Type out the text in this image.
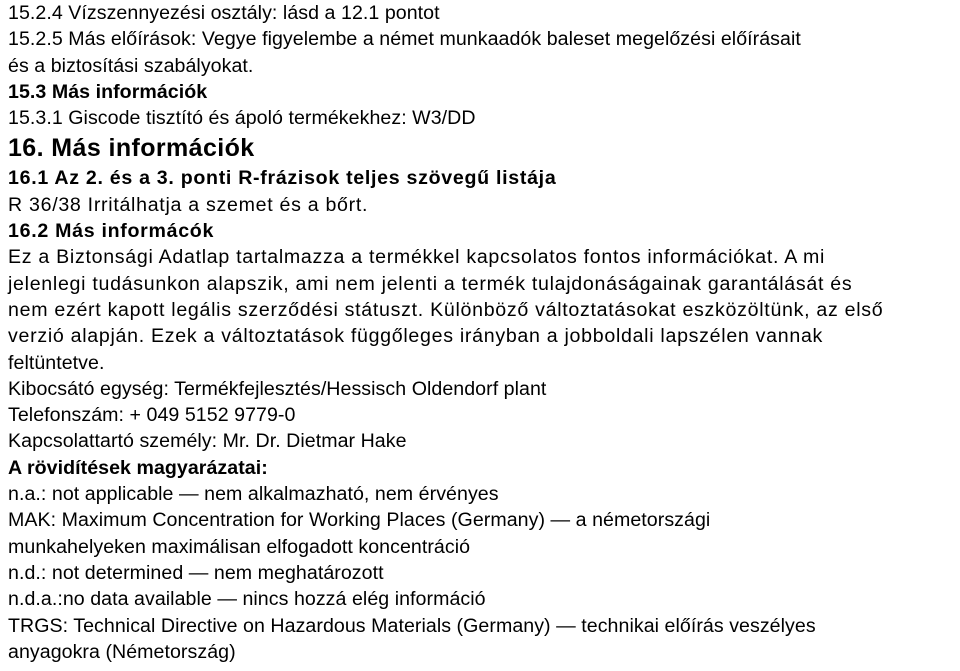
15.2.4 Vízszennyezési osztály: lásd a 12.1 pontot
15.2.5 Más előírások: Vegye figyelembe a német munkaadók baleset megelőzési előírásait
és a biztosítási szabályokat.
15.3 Más információk
15.3.1 Giscode tisztító és ápoló termékekhez: W3/DD
16. Más információk
16.1 Az 2. és a 3. ponti R-frázisok teljes szövegű listája
R 36/38 Irritálhatja a szemet és a bőrt.
16.2 Más informácók
Ez a Biztonsági Adatlap tartalmazza a termékkel kapcsolatos fontos információkat. A mi
jelenlegi tudásunkon alapszik, ami nem jelenti a termék tulajdonáságainak garantálását és
nem ezért kapott legális szerződési státuszt. Különböző változtatásokat eszközöltünk, az első
verzió alapján. Ezek a változtatások függőleges irányban a jobboldali lapszélen vannak
feltüntetve.
Kibocsátó egység: Termékfejlesztés/Hessisch Oldendorf plant
Telefonszám: + 049 5152 9779-0
Kapcsolattartó személy: Mr. Dr. Dietmar Hake
A rövidítések magyarázatai:
n.a.: not applicable — nem alkalmazható, nem érvényes
MAK: Maximum Concentration for Working Places (Germany) — a németországi
munkahelyeken maximálisan elfogadott koncentráció
n.d.: not determined — nem meghatározott
n.d.a.:no data available — nincs hozzá elég információ
TRGS: Technical Directive on Hazardous Materials (Germany) — technikai előírás veszélyes
anyagokra (Németország)
